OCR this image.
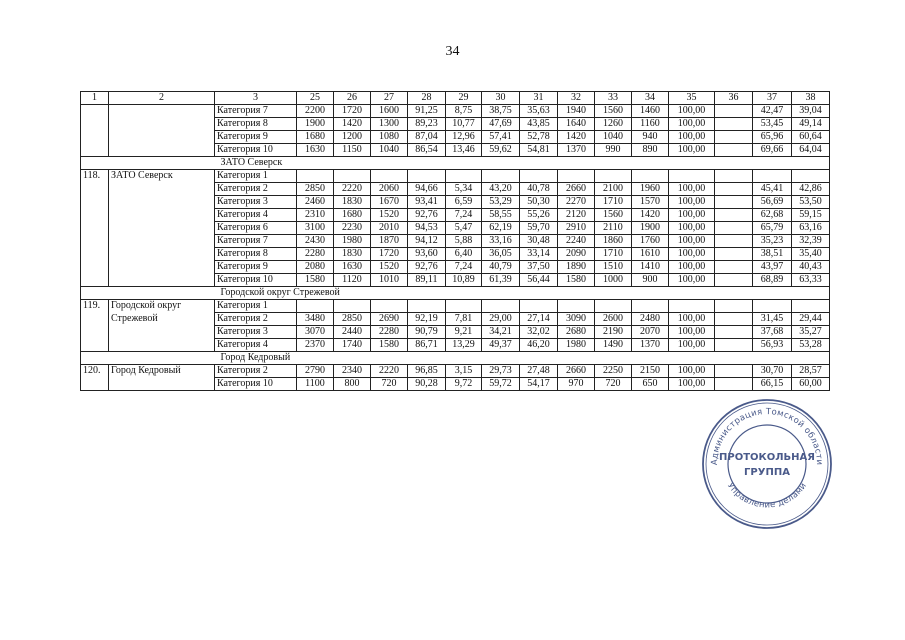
34
1	2	3	25	26	27	28	29	30	31	32	33	34	35	36	37	38
		Категория 7	2200	1720	1600	91,25	8,75	38,75	35,63	1940	1560	1460	100,00		42,47	39,04
		Категория 8	1900	1420	1300	89,23	10,77	47,69	43,85	1640	1260	1160	100,00		53,45	49,14
		Категория 9	1680	1200	1080	87,04	12,96	57,41	52,78	1420	1040	940	100,00		65,96	60,64
		Категория 10	1630	1150	1040	86,54	13,46	59,62	54,81	1370	990	890	100,00		69,66	64,04
		ЗАТО Северск														
118.	ЗАТО Северск	Категория 1														
		Категория 2	2850	2220	2060	94,66	5,34	43,20	40,78	2660	2100	1960	100,00		45,41	42,86
		Категория 3	2460	1830	1670	93,41	6,59	53,29	50,30	2270	1710	1570	100,00		56,69	53,50
		Категория 4	2310	1680	1520	92,76	7,24	58,55	55,26	2120	1560	1420	100,00		62,68	59,15
		Категория 6	3100	2230	2010	94,53	5,47	62,19	59,70	2910	2110	1900	100,00		65,79	63,16
		Категория 7	2430	1980	1870	94,12	5,88	33,16	30,48	2240	1860	1760	100,00		35,23	32,39
		Категория 8	2280	1830	1720	93,60	6,40	36,05	33,14	2090	1710	1610	100,00		38,51	35,40
		Категория 9	2080	1630	1520	92,76	7,24	40,79	37,50	1890	1510	1410	100,00		43,97	40,43
		Категория 10	1580	1120	1010	89,11	10,89	61,39	56,44	1580	1000	900	100,00		68,89	63,33
		Городской округ Стрежевой														
119.	Городской округ	Категория 1														
	Стрежевой	Категория 2	3480	2850	2690	92,19	7,81	29,00	27,14	3090	2600	2480	100,00		31,45	29,44
		Категория 3	3070	2440	2280	90,79	9,21	34,21	32,02	2680	2190	2070	100,00		37,68	35,27
		Категория 4	2370	1740	1580	86,71	13,29	49,37	46,20	1980	1490	1370	100,00		56,93	53,28
		Город Кедровый														
120.	Город Кедровый	Категория 2	2790	2340	2220	96,85	3,15	29,73	27,48	2660	2250	2150	100,00		30,70	28,57
		Категория 10	1100	800	720	90,28	9,72	59,72	54,17	970	720	650	100,00		66,15	60,00
Администрация Томской области
Управление делами
ПРОТОКОЛЬНАЯ
ГРУППА
